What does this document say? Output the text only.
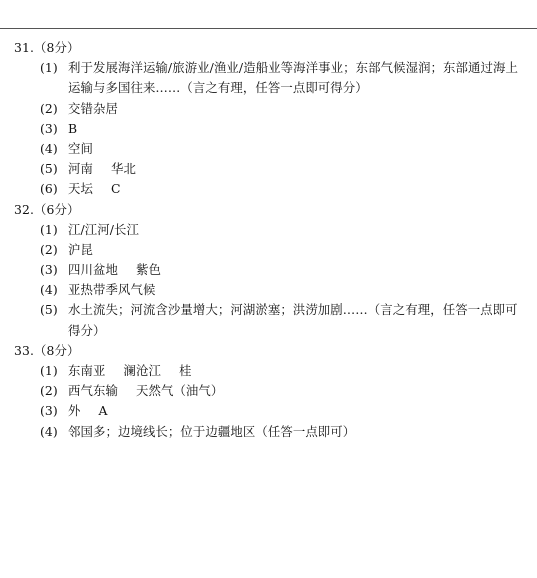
31.（8分）
(1) 利于发展海洋运输/旅游业/渔业/造船业等海洋事业；东部气候湿润；东部通过海上
运输与多国往来……（言之有理，任答一点即可得分）
(2) 交错杂居
(3) B
(4) 空间
(5) 河南 华北
(6) 天坛 C
32.（6分）
(1) 江/江河/长江
(2) 沪昆
(3) 四川盆地 紫色
(4) 亚热带季风气候
(5) 水土流失；河流含沙量增大；河湖淤塞；洪涝加剧……（言之有理，任答一点即可
得分）
33.（8分）
(1) 东南亚 澜沧江 桂
(2) 西气东输 天然气（油气）
(3) 外 A
(4) 邻国多；边境线长；位于边疆地区（任答一点即可）
